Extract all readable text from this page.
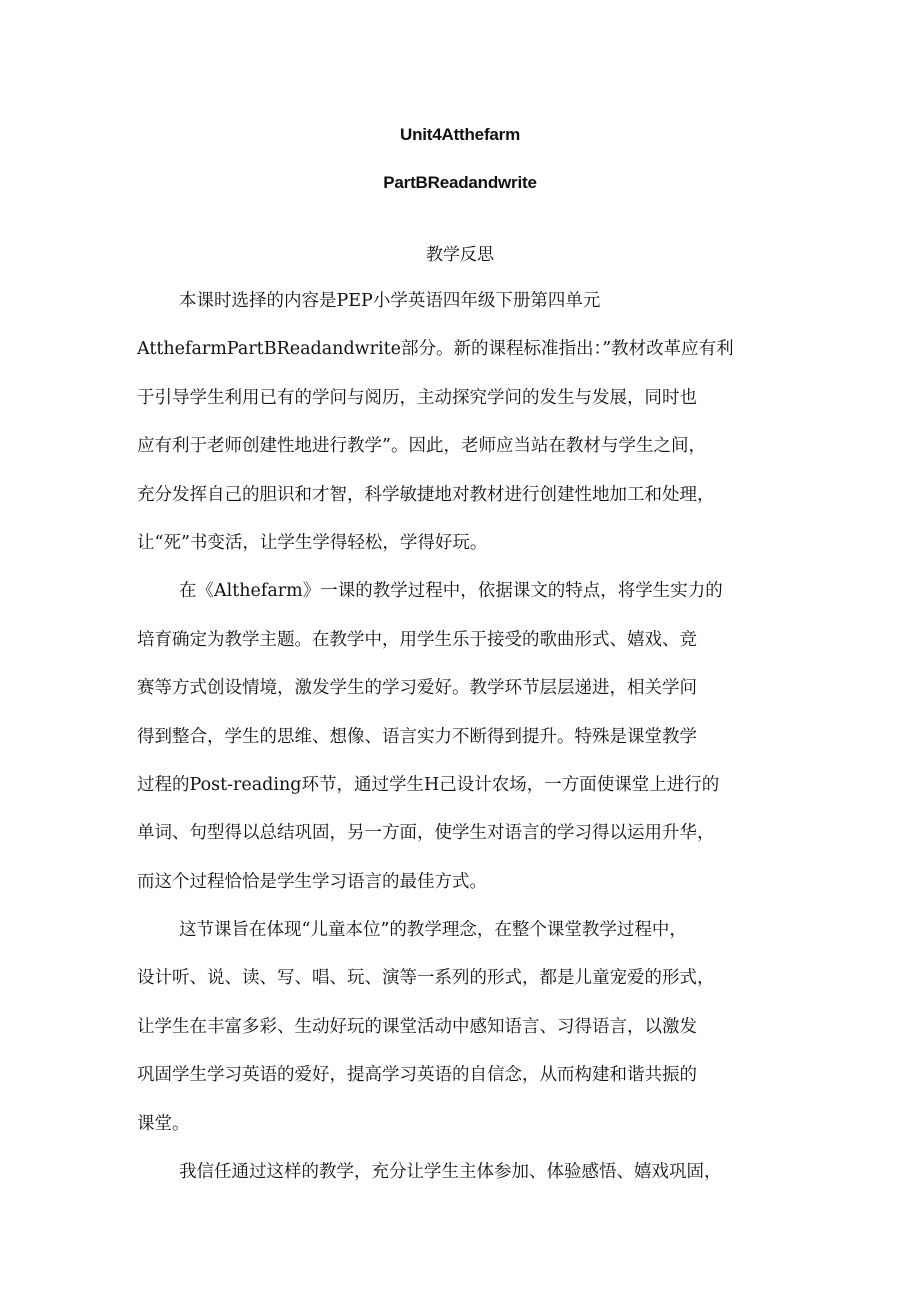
Unit4Atthefarm
PartBReadandwrite
教学反思
本课时选择的内容是PEP小学英语四年级下册第四单元
AtthefarmPartBReadandwrite部分。新的课程标准指出：”教材改革应有利
于引导学生利用已有的学问与阅历，主动探究学问的发生与发展，同时也
应有利于老师创建性地进行教学”。因此，老师应当站在教材与学生之间，
充分发挥自己的胆识和才智，科学敏捷地对教材进行创建性地加工和处理，
让“死”书变活，让学生学得轻松，学得好玩。
在《Althefarm》一课的教学过程中，依据课文的特点，将学生实力的
培育确定为教学主题。在教学中，用学生乐于接受的歌曲形式、嬉戏、竞
赛等方式创设情境，激发学生的学习爱好。教学环节层层递进，相关学问
得到整合，学生的思维、想像、语言实力不断得到提升。特殊是课堂教学
过程的Post-reading环节，通过学生H己设计农场，一方面使课堂上进行的
单词、句型得以总结巩固，另一方面，使学生对语言的学习得以运用升华，
而这个过程恰恰是学生学习语言的最佳方式。
这节课旨在体现“儿童本位”的教学理念，在整个课堂教学过程中，
设计听、说、读、写、唱、玩、演等一系列的形式，都是儿童宠爱的形式，
让学生在丰富多彩、生动好玩的课堂活动中感知语言、习得语言，以激发
巩固学生学习英语的爱好，提高学习英语的自信念，从而构建和谐共振的
课堂。
我信任通过这样的教学，充分让学生主体参加、体验感悟、嬉戏巩固，
